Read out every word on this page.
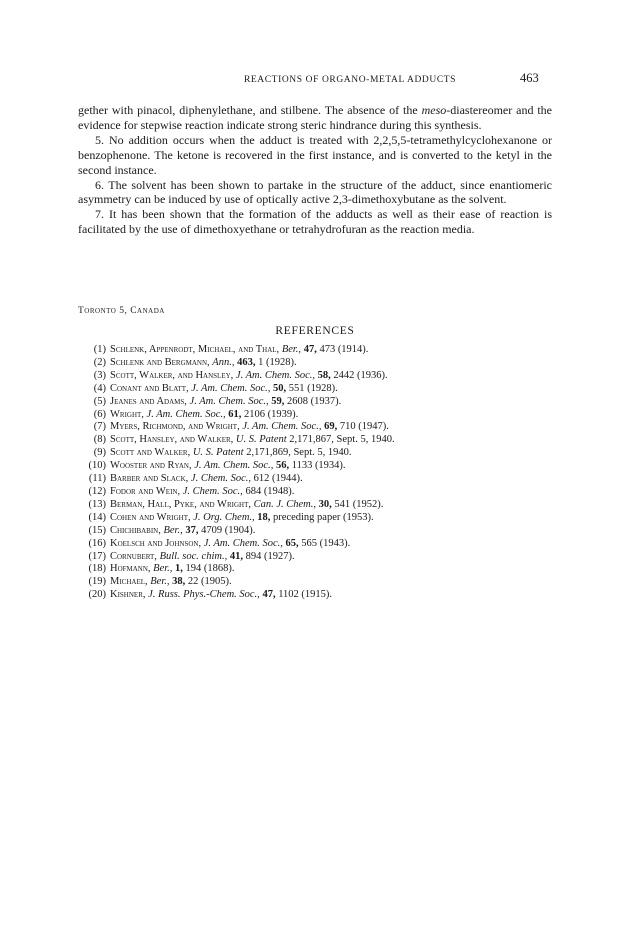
REACTIONS OF ORGANO-METAL ADDUCTS	463

gether with pinacol, diphenylethane, and stilbene. The absence of the meso-diastereomer and the evidence for stepwise reaction indicate strong steric hindrance during this synthesis.

5. No addition occurs when the adduct is treated with 2,2,5,5-tetramethylcyclohexanone or benzophenone. The ketone is recovered in the first instance, and is converted to the ketyl in the second instance.

6. The solvent has been shown to partake in the structure of the adduct, since enantiomeric asymmetry can be induced by use of optically active 2,3-dimethoxybutane as the solvent.

7. It has been shown that the formation of the adducts as well as their ease of reaction is facilitated by the use of dimethoxyethane or tetrahydrofuran as the reaction media.

Toronto 5, Canada
REFERENCES
(1) Schlenk, Appenrodt, Michael, and Thal, Ber., 47, 473 (1914).
(2) Schlenk and Bergmann, Ann., 463, 1 (1928).
(3) Scott, Walker, and Hansley, J. Am. Chem. Soc., 58, 2442 (1936).
(4) Conant and Blatt, J. Am. Chem. Soc., 50, 551 (1928).
(5) Jeanes and Adams, J. Am. Chem. Soc., 59, 2608 (1937).
(6) Wright, J. Am. Chem. Soc., 61, 2106 (1939).
(7) Myers, Richmond, and Wright, J. Am. Chem. Soc., 69, 710 (1947).
(8) Scott, Hansley, and Walker, U. S. Patent 2,171,867, Sept. 5, 1940.
(9) Scott and Walker, U. S. Patent 2,171,869, Sept. 5, 1940.
(10) Wooster and Ryan, J. Am. Chem. Soc., 56, 1133 (1934).
(11) Barber and Slack, J. Chem. Soc., 612 (1944).
(12) Fodor and Wein, J. Chem. Soc., 684 (1948).
(13) Berman, Hall, Pyke, and Wright, Can. J. Chem., 30, 541 (1952).
(14) Cohen and Wright, J. Org. Chem., 18, preceding paper (1953).
(15) Chichibabin, Ber., 37, 4709 (1904).
(16) Koelsch and Johnson, J. Am. Chem. Soc., 65, 565 (1943).
(17) Cornubert, Bull. soc. chim., 41, 894 (1927).
(18) Hofmann, Ber., 1, 194 (1868).
(19) Michael, Ber., 38, 22 (1905).
(20) Kishner, J. Russ. Phys.-Chem. Soc., 47, 1102 (1915).
